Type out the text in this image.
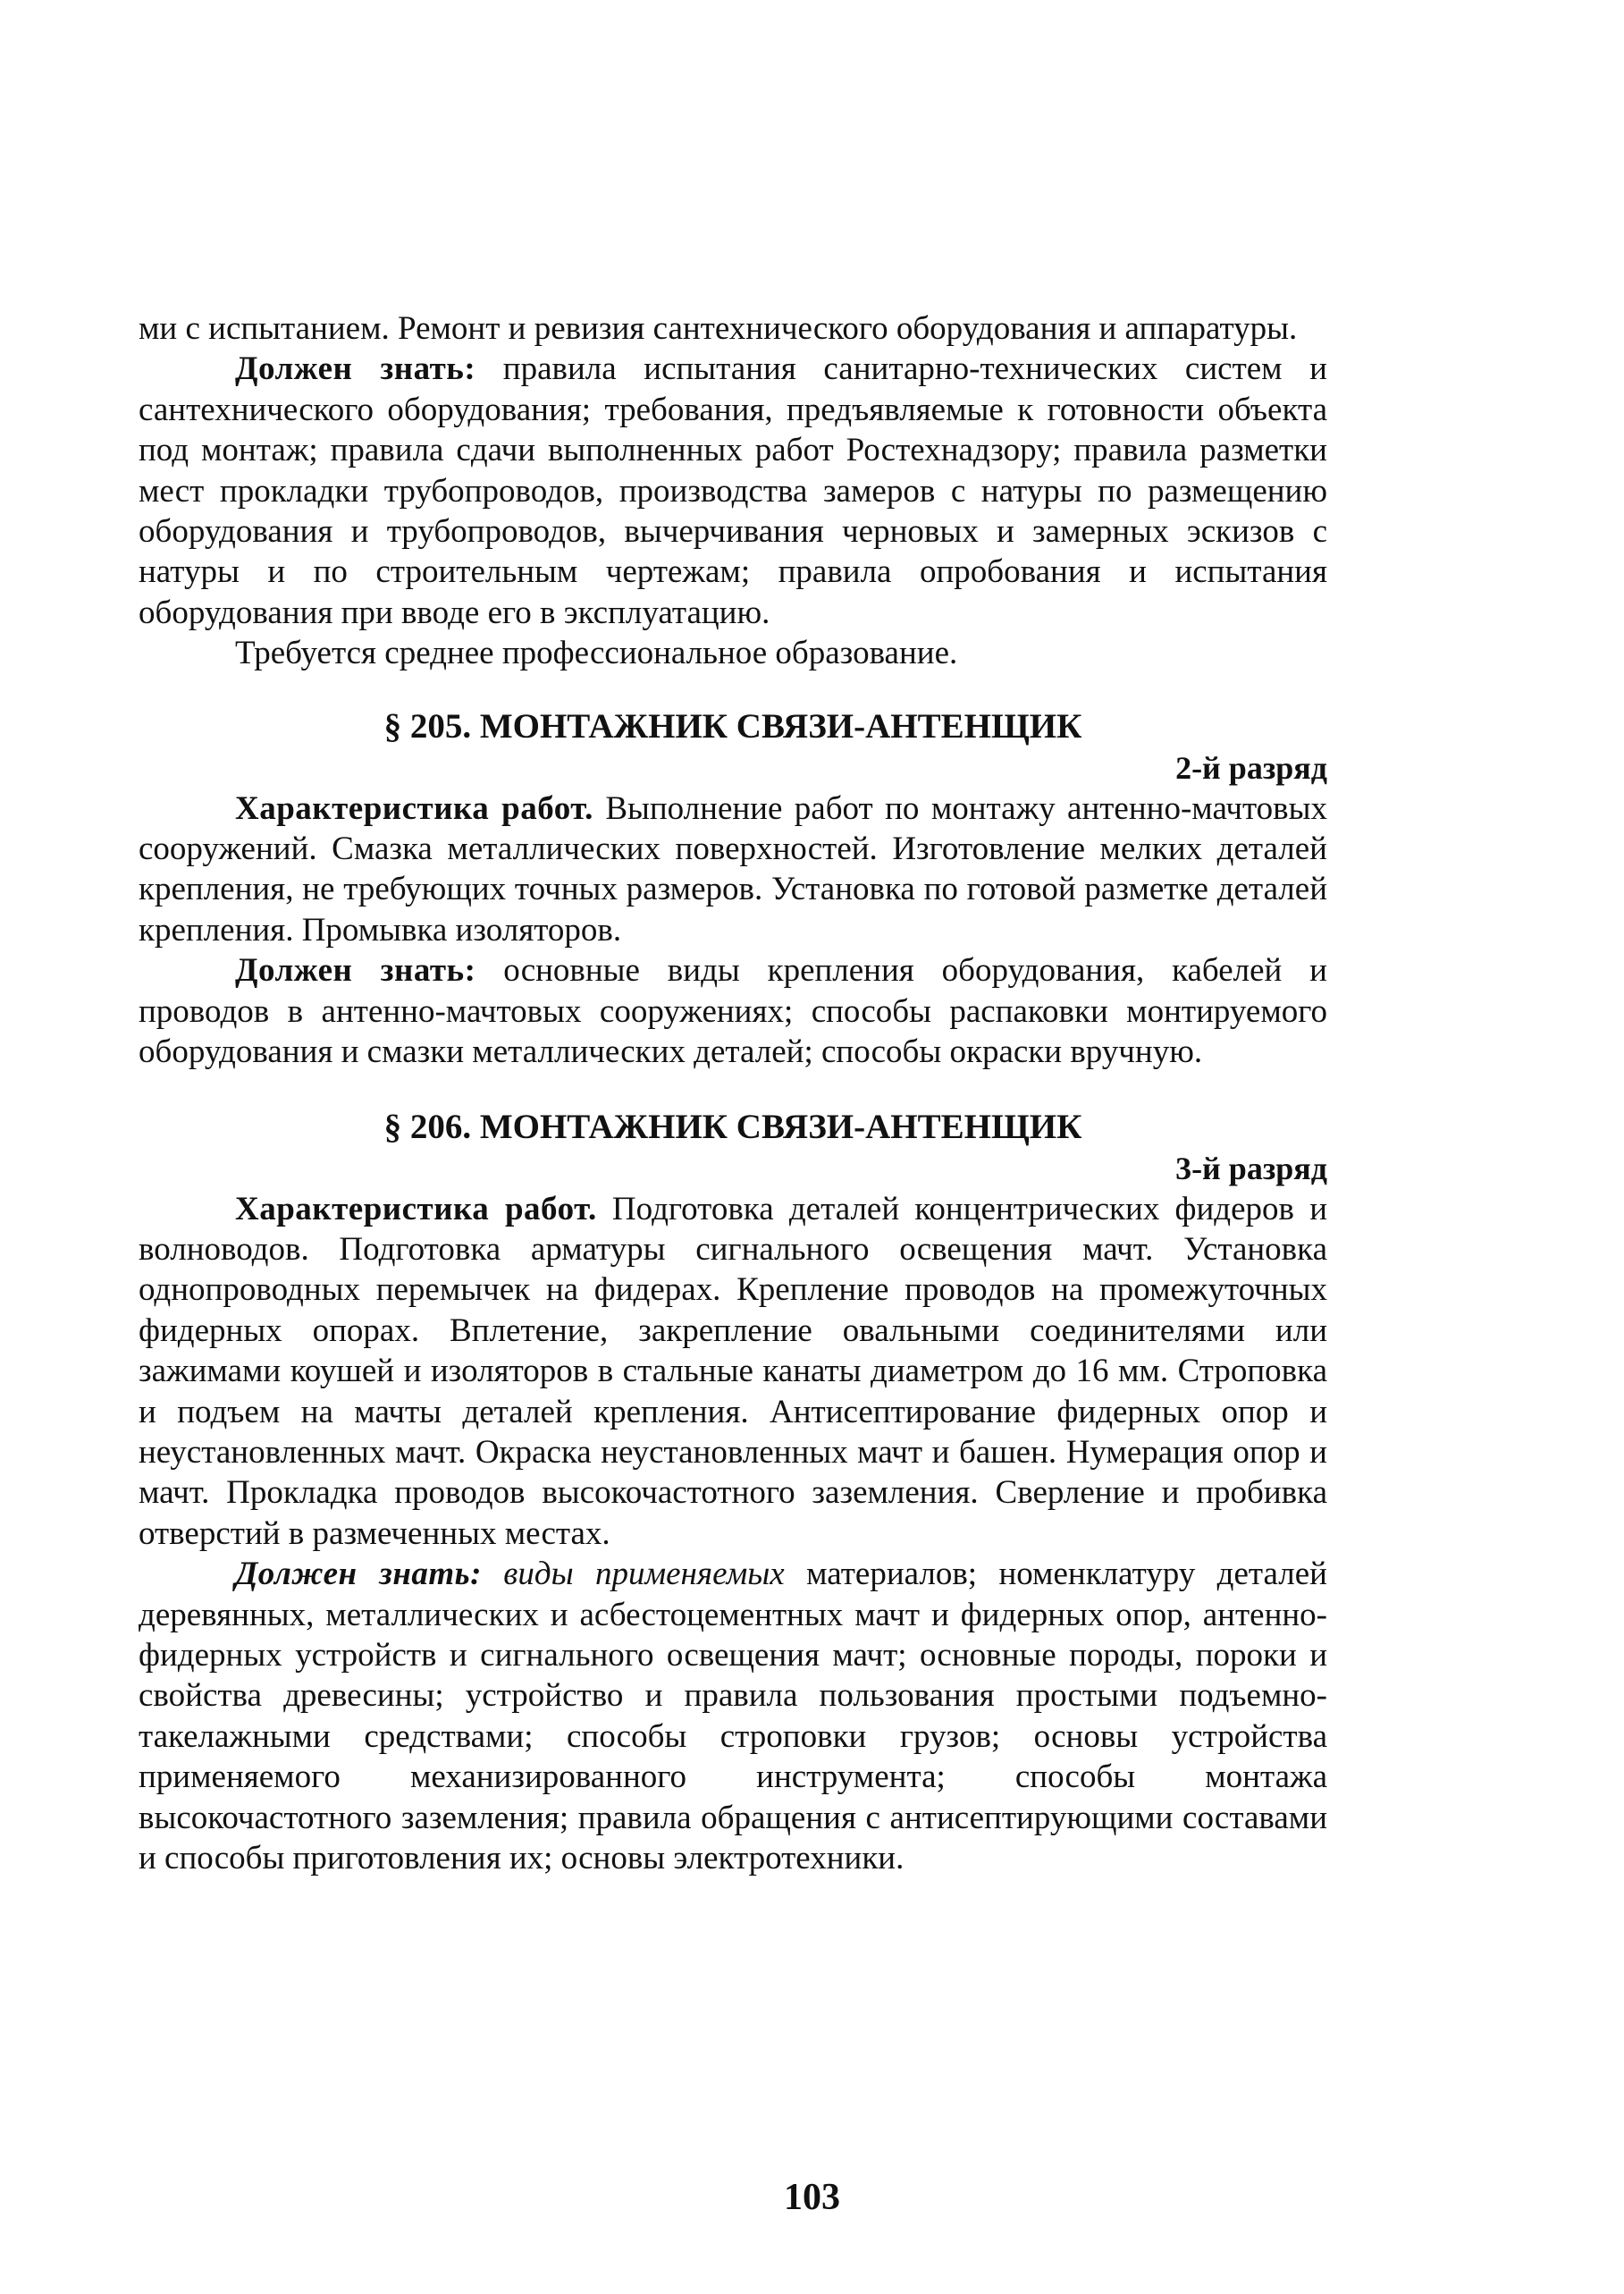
ми с испытанием. Ремонт и ревизия сантехнического оборудования и аппаратуры.

Должен знать: правила испытания санитарно-технических систем и сантехнического оборудования; требования, предъявляемые к готовности объекта под монтаж; правила сдачи выполненных работ Ростехнадзору; правила разметки мест прокладки трубопроводов, производства замеров с натуры по размещению оборудования и трубопроводов, вычерчивания черновых и замерных эскизов с натуры и по строительным чертежам; правила опробования и испытания оборудования при вводе его в эксплуатацию.

Требуется среднее профессиональное образование.

§ 205. МОНТАЖНИК СВЯЗИ-АНТЕНЩИК

2-й разряд

Характеристика работ. Выполнение работ по монтажу антенно-мачтовых сооружений. Смазка металлических поверхностей. Изготовление мелких деталей крепления, не требующих точных размеров. Установка по готовой разметке деталей крепления. Промывка изоляторов.

Должен знать: основные виды крепления оборудования, кабелей и проводов в антенно-мачтовых сооружениях; способы распаковки монтируемого оборудования и смазки металлических деталей; способы окраски вручную.

§ 206. МОНТАЖНИК СВЯЗИ-АНТЕНЩИК

3-й разряд

Характеристика работ. Подготовка деталей концентрических фидеров и волноводов. Подготовка арматуры сигнального освещения мачт. Установка однопроводных перемычек на фидерах. Крепление проводов на промежуточных фидерных опорах. Вплетение, закрепление овальными соединителями или зажимами коушей и изоляторов в стальные канаты диаметром до 16 мм. Строповка и подъем на мачты деталей крепления. Антисептирование фидерных опор и неустановленных мачт. Окраска неустановленных мачт и башен. Нумерация опор и мачт. Прокладка проводов высокочастотного заземления. Сверление и пробивка отверстий в размеченных местах.

Должен знать: виды применяемых материалов; номенклатуру деталей деревянных, металлических и асбестоцементных мачт и фидерных опор, антенно-фидерных устройств и сигнального освещения мачт; основные породы, пороки и свойства древесины; устройство и правила пользования простыми подъемно-такелажными средствами; способы строповки грузов; основы устройства применяемого механизированного инструмента; способы монтажа высокочастотного заземления; правила обращения с антисептирующими составами и способы приготовления их; основы электротехники.

103
